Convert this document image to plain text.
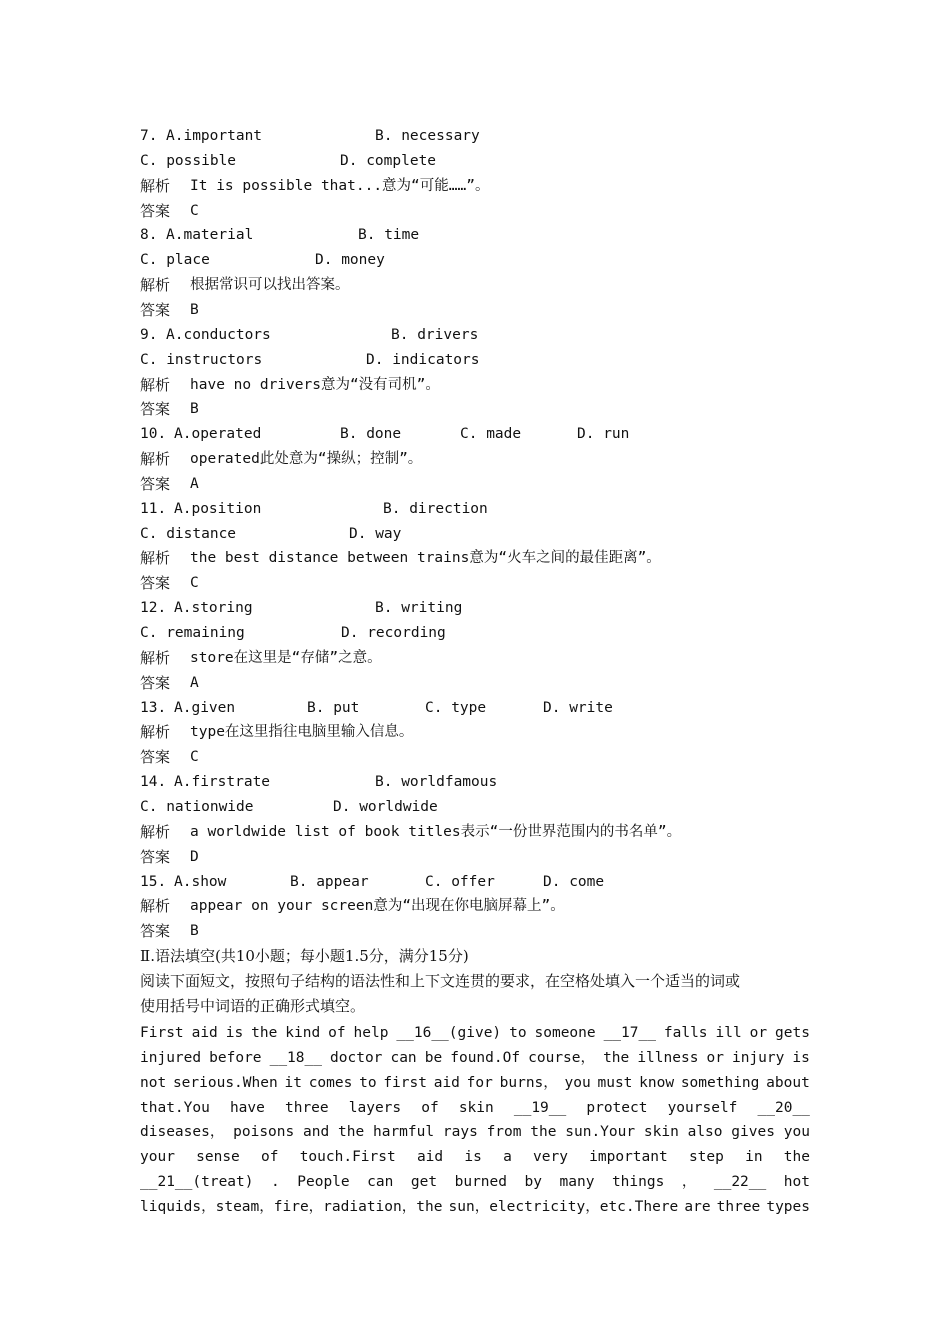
7. A.important	B. necessary
C. possible	D. complete
解析 It is possible that...意为“可能……”。
答案 C
8. A.material	B. time
C. place	D. money
解析 根据常识可以找出答案。
答案 B
9. A.conductors	B. drivers
C. instructors	D. indicators
解析 have no drivers意为“没有司机”。
答案 B
10. A.operated	B. done	C. made	D. run
解析 operated此处意为“操纵；控制”。
答案 A
11. A.position	B. direction
C. distance	D. way
解析 the best distance between trains意为“火车之间的最佳距离”。
答案 C
12. A.storing	B. writing
C. remaining	D. recording
解析 store在这里是“存储”之意。
答案 A
13. A.given	B. put	C. type	D. write
解析 type在这里指往电脑里输入信息。
答案 C
14. A.firstrate	B. worldfamous
C. nationwide	D. worldwide
解析 a worldwide list of book titles表示“一份世界范围内的书名单”。
答案 D
15. A.show	B. appear	C. offer	D. come
解析 appear on your screen意为“出现在你电脑屏幕上”。
答案 B
Ⅱ.语法填空(共10小题；每小题1.5分，满分15分)
阅读下面短文，按照句子结构的语法性和上下文连贯的要求，在空格处填入一个适当的词或
使用括号中词语的正确形式填空。
First aid is the kind of help __16__(give) to someone __17__ falls ill or gets
injured before __18__ doctor can be found.Of course， the illness or injury is
not serious.When it comes to first aid for burns， you must know something about
that.You have three layers of skin __19__ protect yourself __20__
diseases， poisons and the harmful rays from the sun.Your skin also gives you
your sense of touch.First aid is a very important step in the
__21__(treat) . People can get burned by many things ， __22__ hot
liquids，steam，fire，radiation，the sun，electricity，etc.There are three types
